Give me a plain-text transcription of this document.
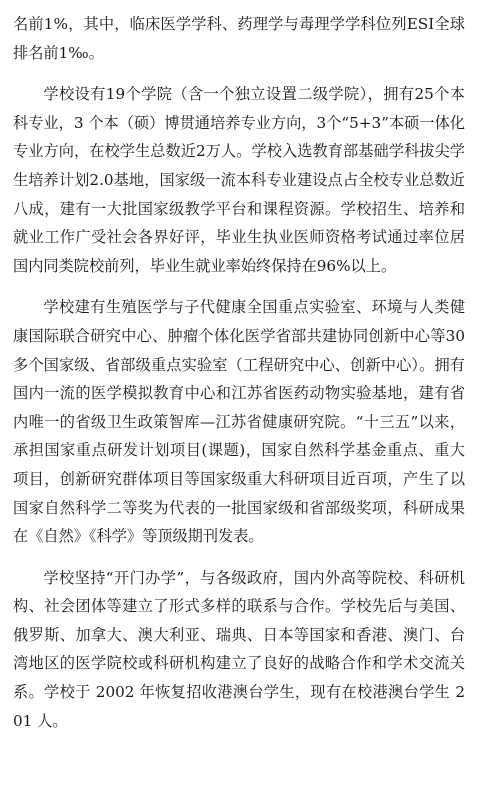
名前1%，其中，临床医学学科、药理学与毒理学学科位列ESI全球排名前1‰。

学校设有19个学院（含一个独立设置二级学院），拥有25个本科专业，3 个本（硕）博贯通培养专业方向，3个“5+3”本硕一体化专业方向，在校学生总数近2万人。学校入选教育部基础学科拔尖学生培养计划2.0基地，国家级一流本科专业建设点占全校专业总数近八成，建有一大批国家级教学平台和课程资源。学校招生、培养和就业工作广受社会各界好评，毕业生执业医师资格考试通过率位居国内同类院校前列，毕业生就业率始终保持在96%以上。

学校建有生殖医学与子代健康全国重点实验室、环境与人类健康国际联合研究中心、肿瘤个体化医学省部共建协同创新中心等30多个国家级、省部级重点实验室（工程研究中心、创新中心）。拥有国内一流的医学模拟教育中心和江苏省医药动物实验基地，建有省内唯一的省级卫生政策智库—江苏省健康研究院。“十三五”以来，承担国家重点研发计划项目(课题)，国家自然科学基金重点、重大项目，创新研究群体项目等国家级重大科研项目近百项，产生了以国家自然科学二等奖为代表的一批国家级和省部级奖项，科研成果在《自然》《科学》等顶级期刊发表。

学校坚持“开门办学”，与各级政府，国内外高等院校、科研机构、社会团体等建立了形式多样的联系与合作。学校先后与美国、俄罗斯、加拿大、澳大利亚、瑞典、日本等国家和香港、澳门、台湾地区的医学院校或科研机构建立了良好的战略合作和学术交流关系。学校于 2002 年恢复招收港澳台学生，现有在校港澳台学生 201 人。
